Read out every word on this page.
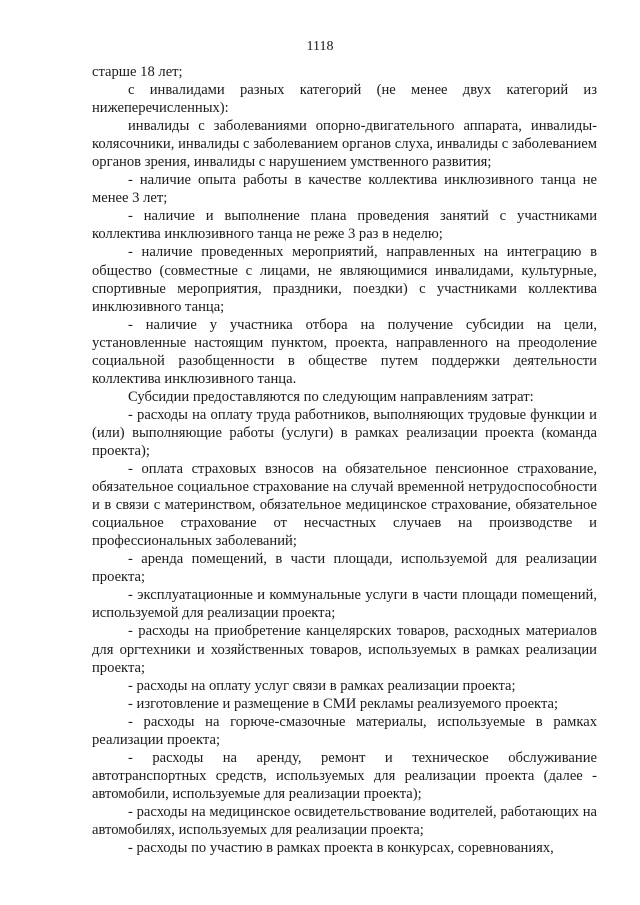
1118

старше 18 лет;

с инвалидами разных категорий (не менее двух категорий из нижеперечисленных):

инвалиды с заболеваниями опорно-двигательного аппарата, инвалиды-колясочники, инвалиды с заболеванием органов слуха, инвалиды с заболеванием органов зрения, инвалиды с нарушением умственного развития;

- наличие опыта работы в качестве коллектива инклюзивного танца не менее 3 лет;

- наличие и выполнение плана проведения занятий с участниками коллектива инклюзивного танца не реже 3 раз в неделю;

- наличие проведенных мероприятий, направленных на интеграцию в общество (совместные с лицами, не являющимися инвалидами, культурные, спортивные мероприятия, праздники, поездки) с участниками коллектива инклюзивного танца;

- наличие у участника отбора на получение субсидии на цели, установленные настоящим пунктом, проекта, направленного на преодоление социальной разобщенности в обществе путем поддержки деятельности коллектива инклюзивного танца.

Субсидии предоставляются по следующим направлениям затрат:

- расходы на оплату труда работников, выполняющих трудовые функции и (или) выполняющие работы (услуги) в рамках реализации проекта (команда проекта);

- оплата страховых взносов на обязательное пенсионное страхование, обязательное социальное страхование на случай временной нетрудоспособности и в связи с материнством, обязательное медицинское страхование, обязательное социальное страхование от несчастных случаев на производстве и профессиональных заболеваний;

- аренда помещений, в части площади, используемой для реализации проекта;

- эксплуатационные и коммунальные услуги в части площади помещений, используемой для реализации проекта;

- расходы на приобретение канцелярских товаров, расходных материалов для оргтехники и хозяйственных товаров, используемых в рамках реализации проекта;

- расходы на оплату услуг связи в рамках реализации проекта;

- изготовление и размещение в СМИ рекламы реализуемого проекта;

- расходы на горюче-смазочные материалы, используемые в рамках реализации проекта;

- расходы на аренду, ремонт и техническое обслуживание автотранспортных средств, используемых для реализации проекта (далее - автомобили, используемые для реализации проекта);

- расходы на медицинское освидетельствование водителей, работающих на автомобилях, используемых для реализации проекта;

- расходы по участию в рамках проекта в конкурсах, соревнованиях,
